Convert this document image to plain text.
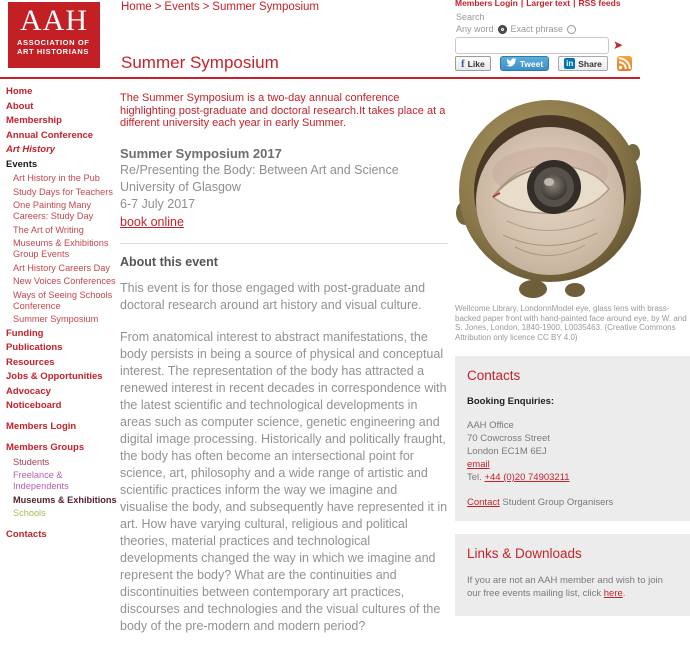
AAH
ASSOCIATION OF
ART HISTORIANS
Home > Events > Summer Symposium	Members Login | Larger text | RSS feeds
Search
Any word Exact phrase
➤
f Like	Tweet	in Share
Summer Symposium
Home
About
Membership
Annual Conference
Art History
Events
Art History in the Pub
Study Days for Teachers
One Painting Many Careers: Study Day
The Art of Writing
Museums & Exhibitions Group Events
Art History Careers Day
New Voices Conferences
Ways of Seeing Schools Conference
Summer Symposium
Funding
Publications
Resources
Jobs & Opportunities
Advocacy
Noticeboard
Members Login
Members Groups
Students
Freelance & Independents
Museums & Exhibitions
Schools
Contacts

The Summer Symposium is a two-day annual conference highlighting post-graduate and doctoral research.It takes place at a different university each year in early Summer.

Summer Symposium 2017
Re/Presenting the Body: Between Art and Science
University of Glasgow
6-7 July 2017
book online
About this event

This event is for those engaged with post-graduate and doctoral research around art history and visual culture.

From anatomical interest to abstract manifestations, the body persists in being a source of physical and conceptual interest. The representation of the body has attracted a renewed interest in recent decades in correspondence with the latest scientific and technological developments in areas such as computer science, genetic engineering and digital image processing. Historically and politically fraught, the body has often become an intersectional point for science, art, philosophy and a wide range of artistic and scientific practices inform the way we imagine and visualise the body, and subsequently have represented it in art. How have varying cultural, religious and political theories, material practices and technological developments changed the way in which we imagine and represent the body? What are the continuities and discontinuities between contemporary art practices, discourses and technologies and the visual cultures of the body of the pre-modern and modern period?

Wellcome Library, LondonnModel eye, glass lens with brass-backed paper front with hand-painted face around eye, by W. and S. Jones, London, 1840-1900, L0035463. (Creative Commons Attribution only licence CC BY 4.0)

Contacts
Booking Enquiries:
AAH Office
70 Cowcross Street
London EC1M 6EJ
email
Tel. +44 (0)20 74903211
Contact Student Group Organisers
Links & Downloads
If you are not an AAH member and wish to join our free events mailing list, click here.
